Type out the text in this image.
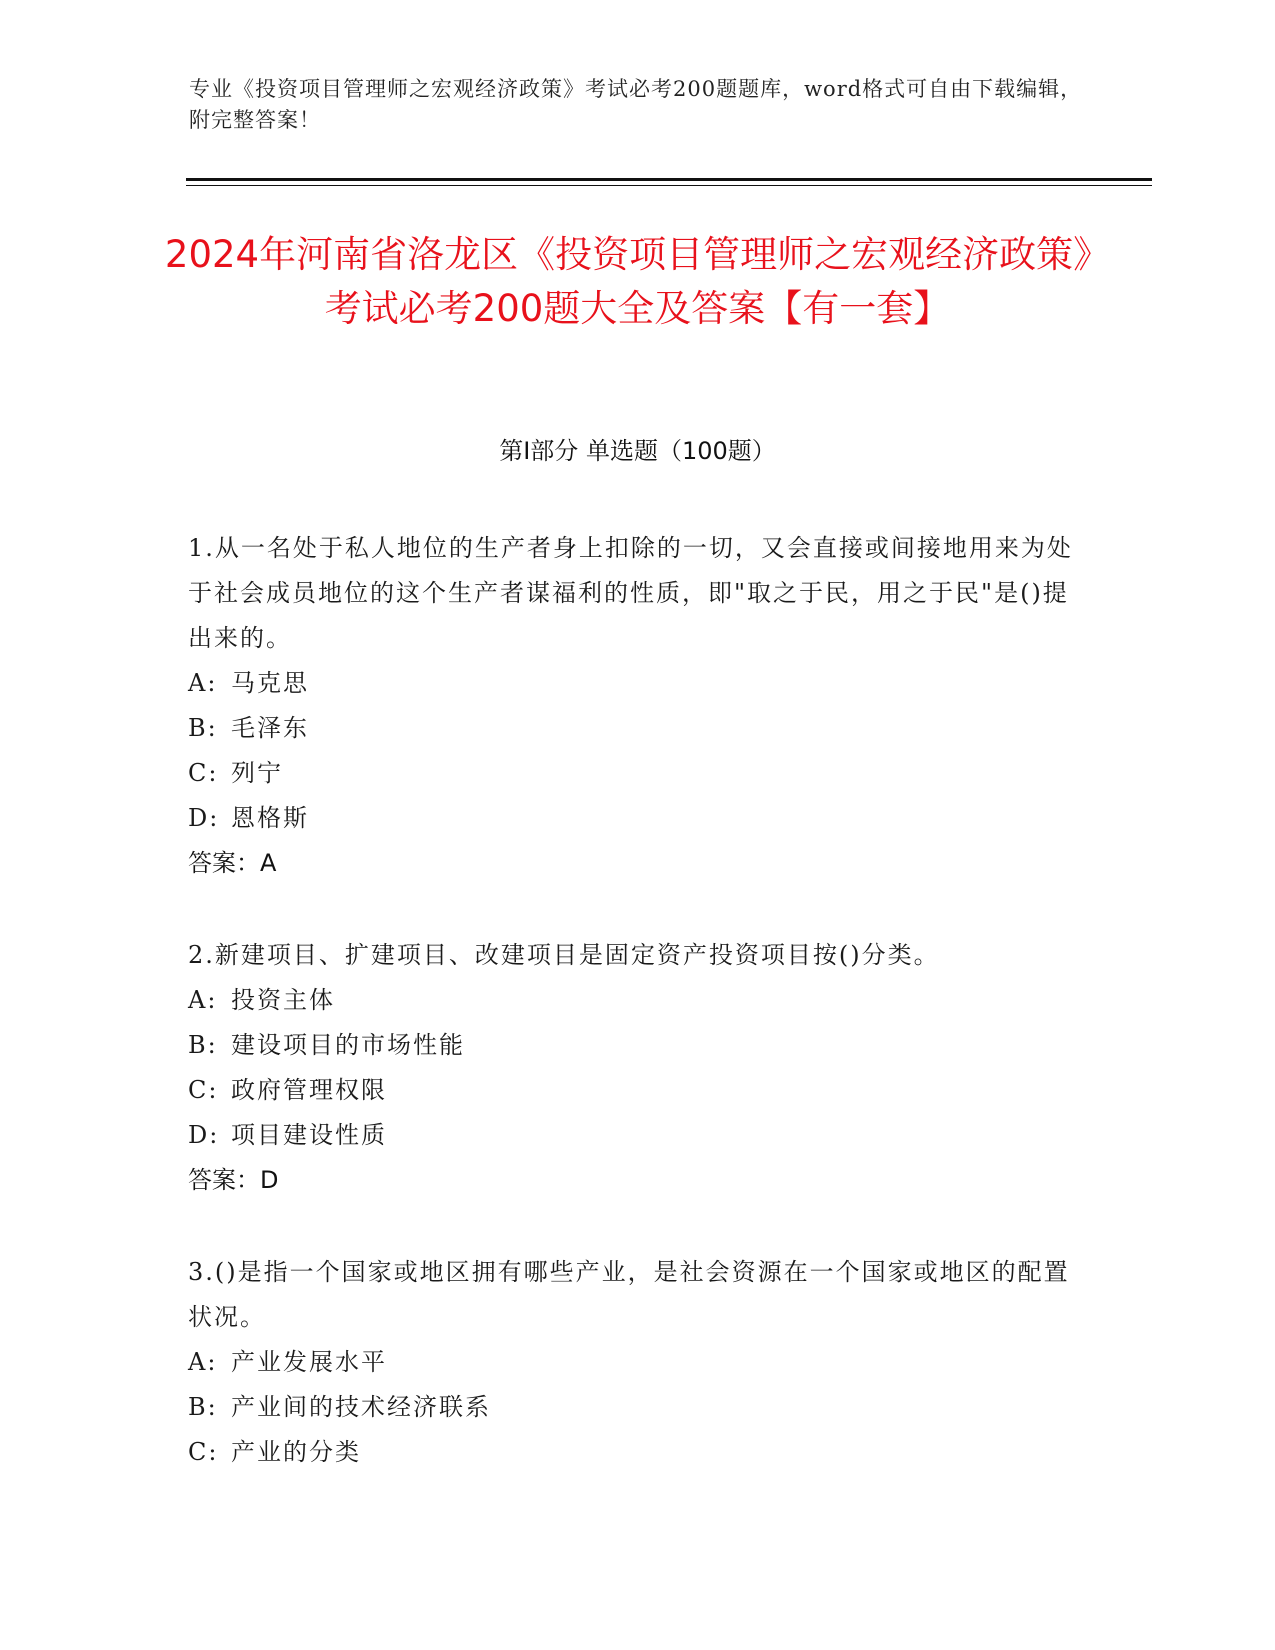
专业《投资项目管理师之宏观经济政策》考试必考200题题库，word格式可自由下载编辑，附完整答案！
2024年河南省洛龙区《投资项目管理师之宏观经济政策》考试必考200题大全及答案【有一套】
第I部分 单选题（100题）
1.从一名处于私人地位的生产者身上扣除的一切，又会直接或间接地用来为处于社会成员地位的这个生产者谋福利的性质，即"取之于民，用之于民"是()提出来的。
A: 马克思
B: 毛泽东
C: 列宁
D: 恩格斯
答案：A
2.新建项目、扩建项目、改建项目是固定资产投资项目按()分类。
A: 投资主体
B: 建设项目的市场性能
C: 政府管理权限
D: 项目建设性质
答案：D
3.()是指一个国家或地区拥有哪些产业，是社会资源在一个国家或地区的配置状况。
A: 产业发展水平
B: 产业间的技术经济联系
C: 产业的分类
